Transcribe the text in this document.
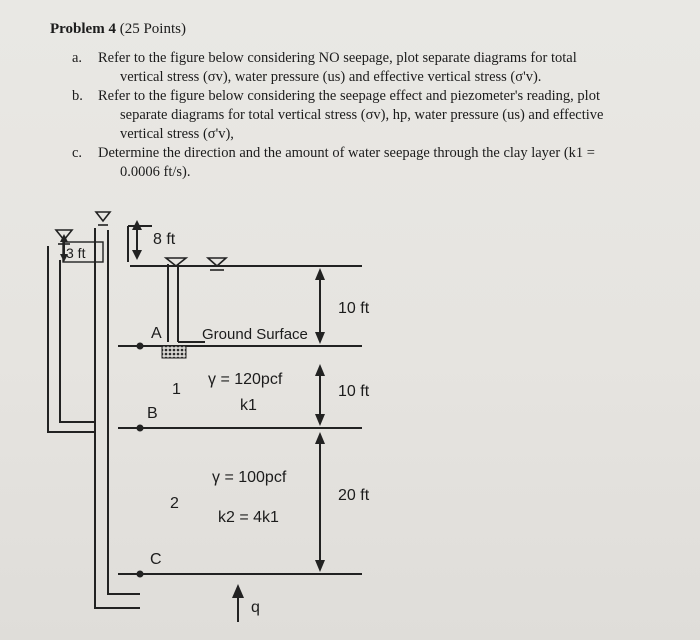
Problem 4 (25 Points)
a. Refer to the figure below considering NO seepage, plot separate diagrams for total
vertical stress (σv), water pressure (us) and effective vertical stress (σ'v).
b. Refer to the figure below considering the seepage effect and piezometer's reading, plot
separate diagrams for total vertical stress (σv), hp, water pressure (us) and effective
vertical stress (σ'v),
c. Determine the direction and the amount of water seepage through the clay layer (k1 =
0.0006 ft/s).
3 ft
8 ft
A	Ground Surface
10 ft
1
γ = 120pcf
k1
10 ft
B
γ = 100pcf
2	20 ft
k2 = 4k1
C
q
